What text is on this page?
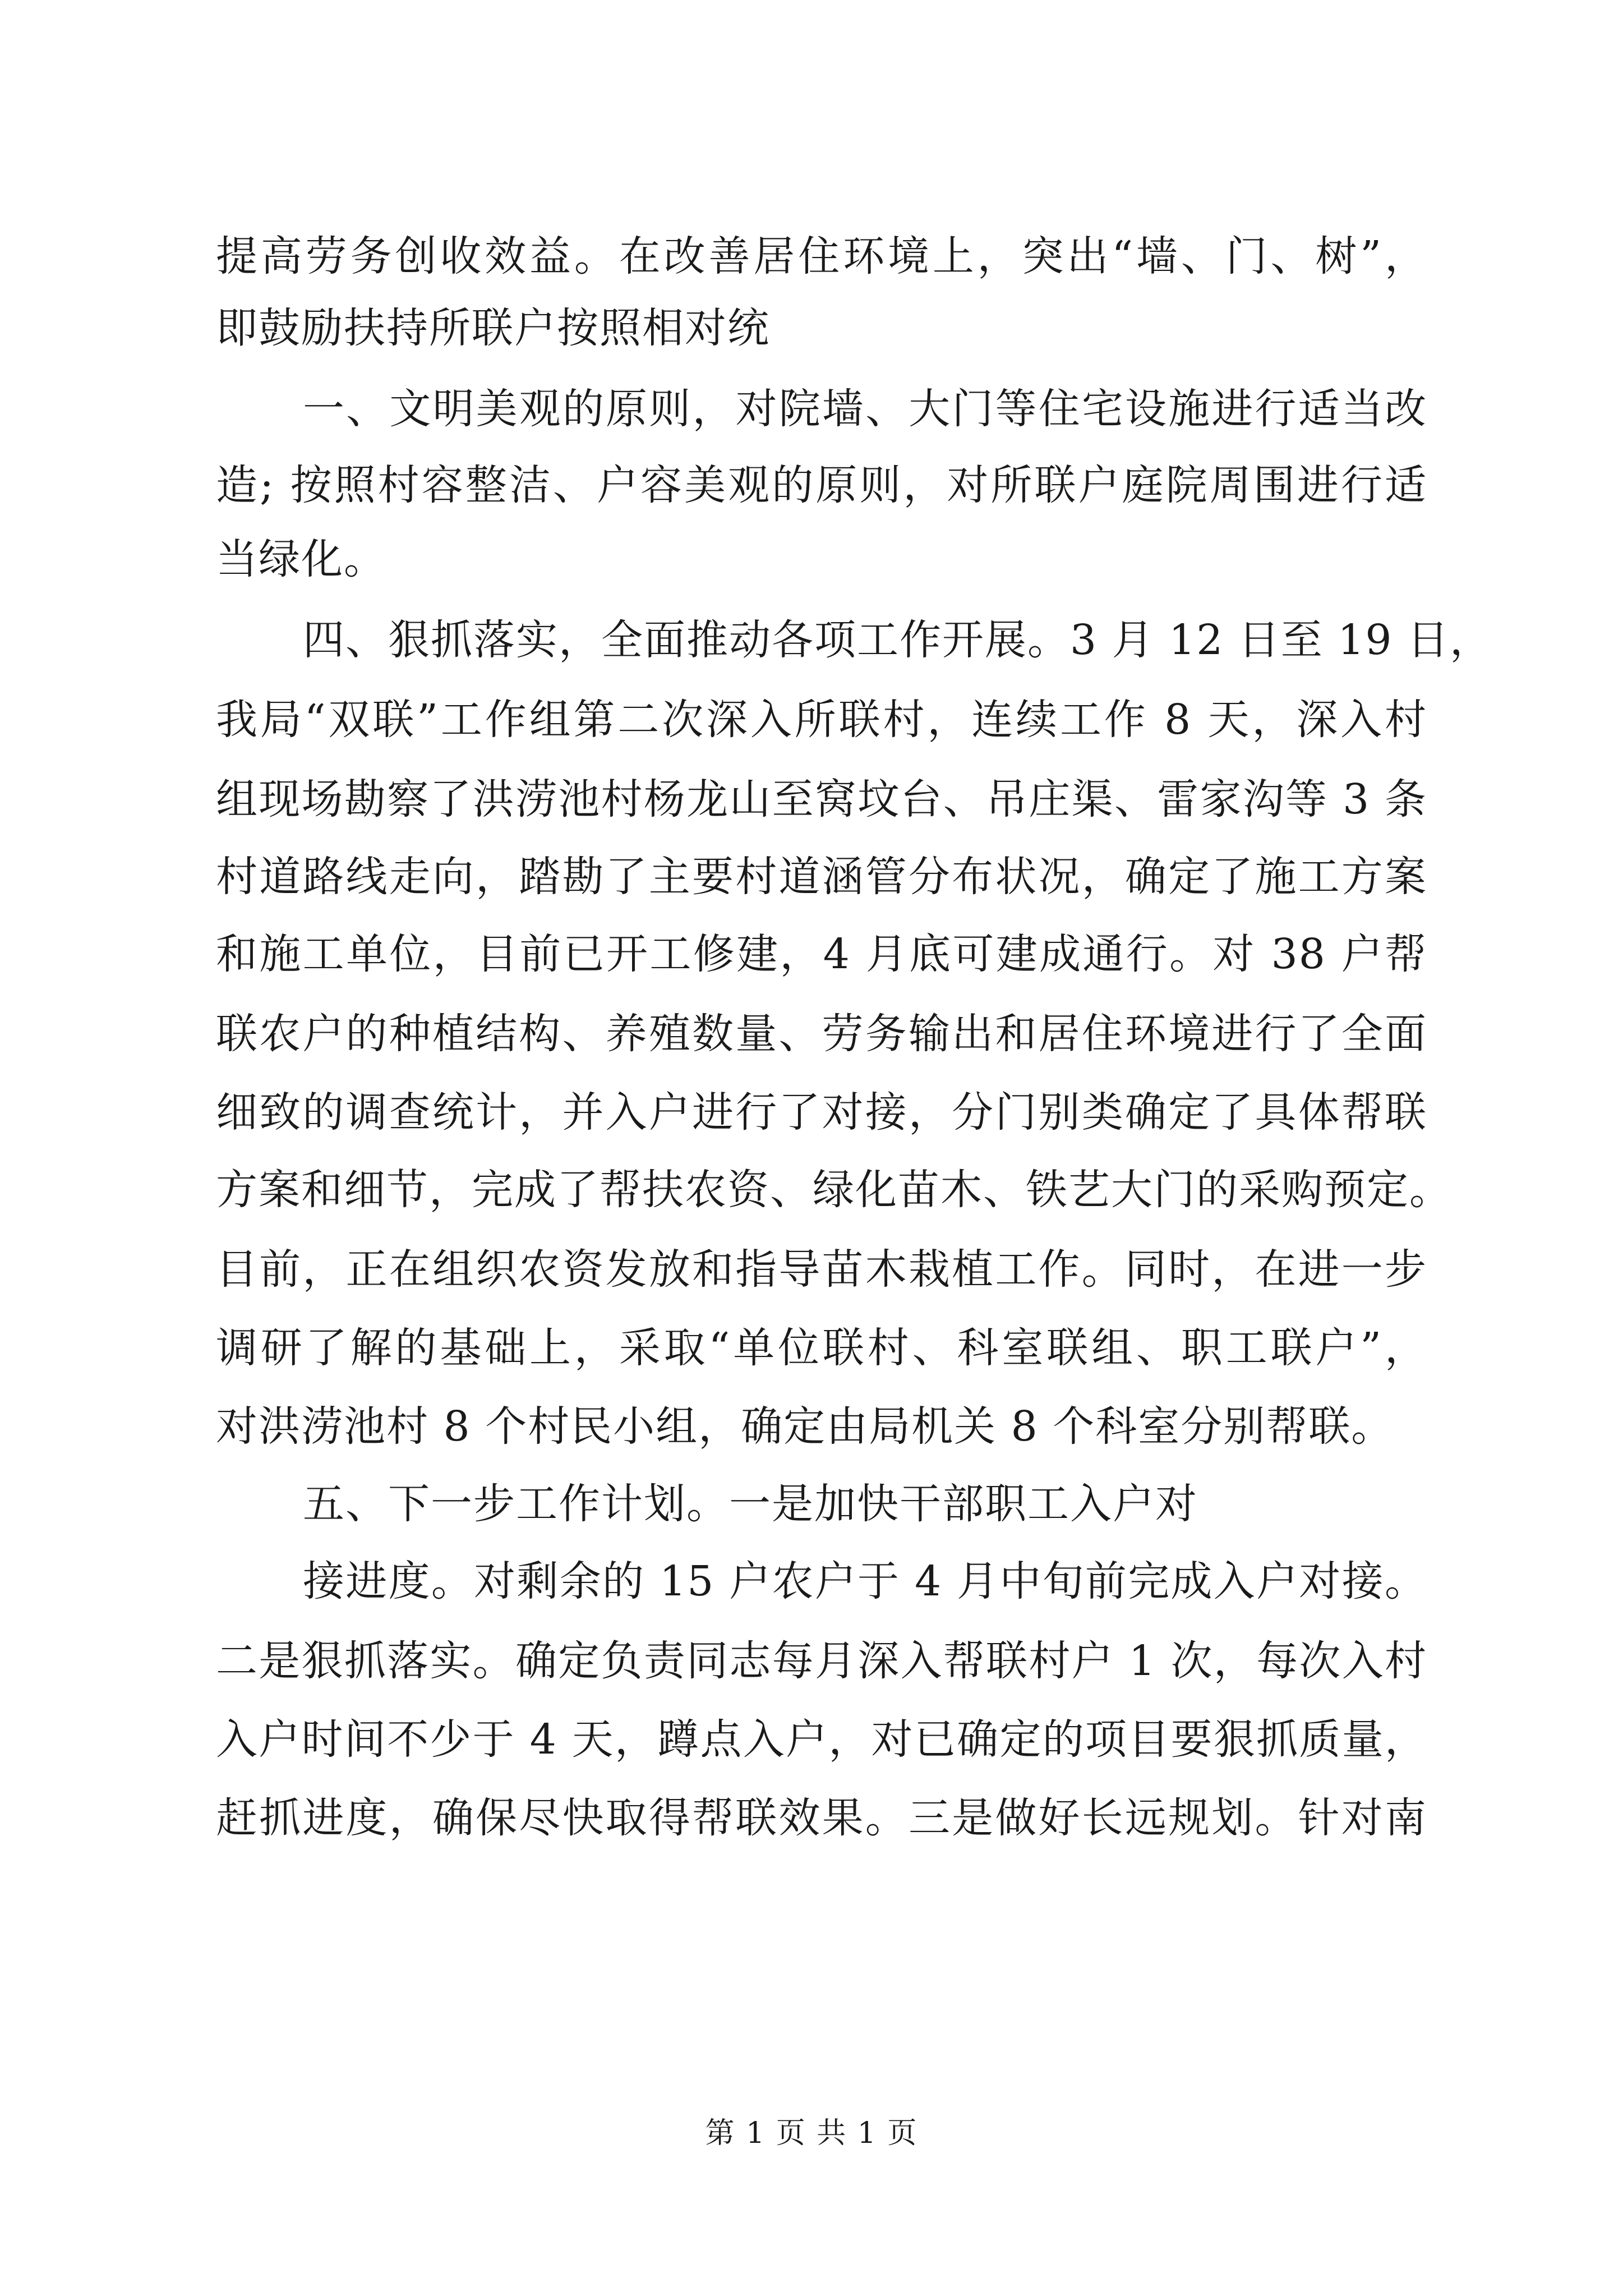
提高劳务创收效益。在改善居住环境上，突出“墙、门、树”，
即鼓励扶持所联户按照相对统
一、文明美观的原则，对院墙、大门等住宅设施进行适当改
造; 按照村容整洁、户容美观的原则，对所联户庭院周围进行适
当绿化。
四、狠抓落实，全面推动各项工作开展。3 月 12 日至 19 日，
我局“双联”工作组第二次深入所联村，连续工作 8 天，深入村
组现场勘察了洪涝池村杨龙山至窝坟台、吊庄渠、雷家沟等 3 条
村道路线走向，踏勘了主要村道涵管分布状况，确定了施工方案
和施工单位，目前已开工修建，4 月底可建成通行。对 38 户帮
联农户的种植结构、养殖数量、劳务输出和居住环境进行了全面
细致的调查统计，并入户进行了对接，分门别类确定了具体帮联
方案和细节，完成了帮扶农资、绿化苗木、铁艺大门的采购预定。
目前，正在组织农资发放和指导苗木栽植工作。同时，在进一步
调研了解的基础上，采取“单位联村、科室联组、职工联户”，
对洪涝池村 8 个村民小组，确定由局机关 8 个科室分别帮联。
五、下一步工作计划。一是加快干部职工入户对
接进度。对剩余的 15 户农户于 4 月中旬前完成入户对接。
二是狠抓落实。确定负责同志每月深入帮联村户 1 次，每次入村
入户时间不少于 4 天，蹲点入户，对已确定的项目要狠抓质量，
赶抓进度，确保尽快取得帮联效果。三是做好长远规划。针对南
第 1 页 共 1 页
